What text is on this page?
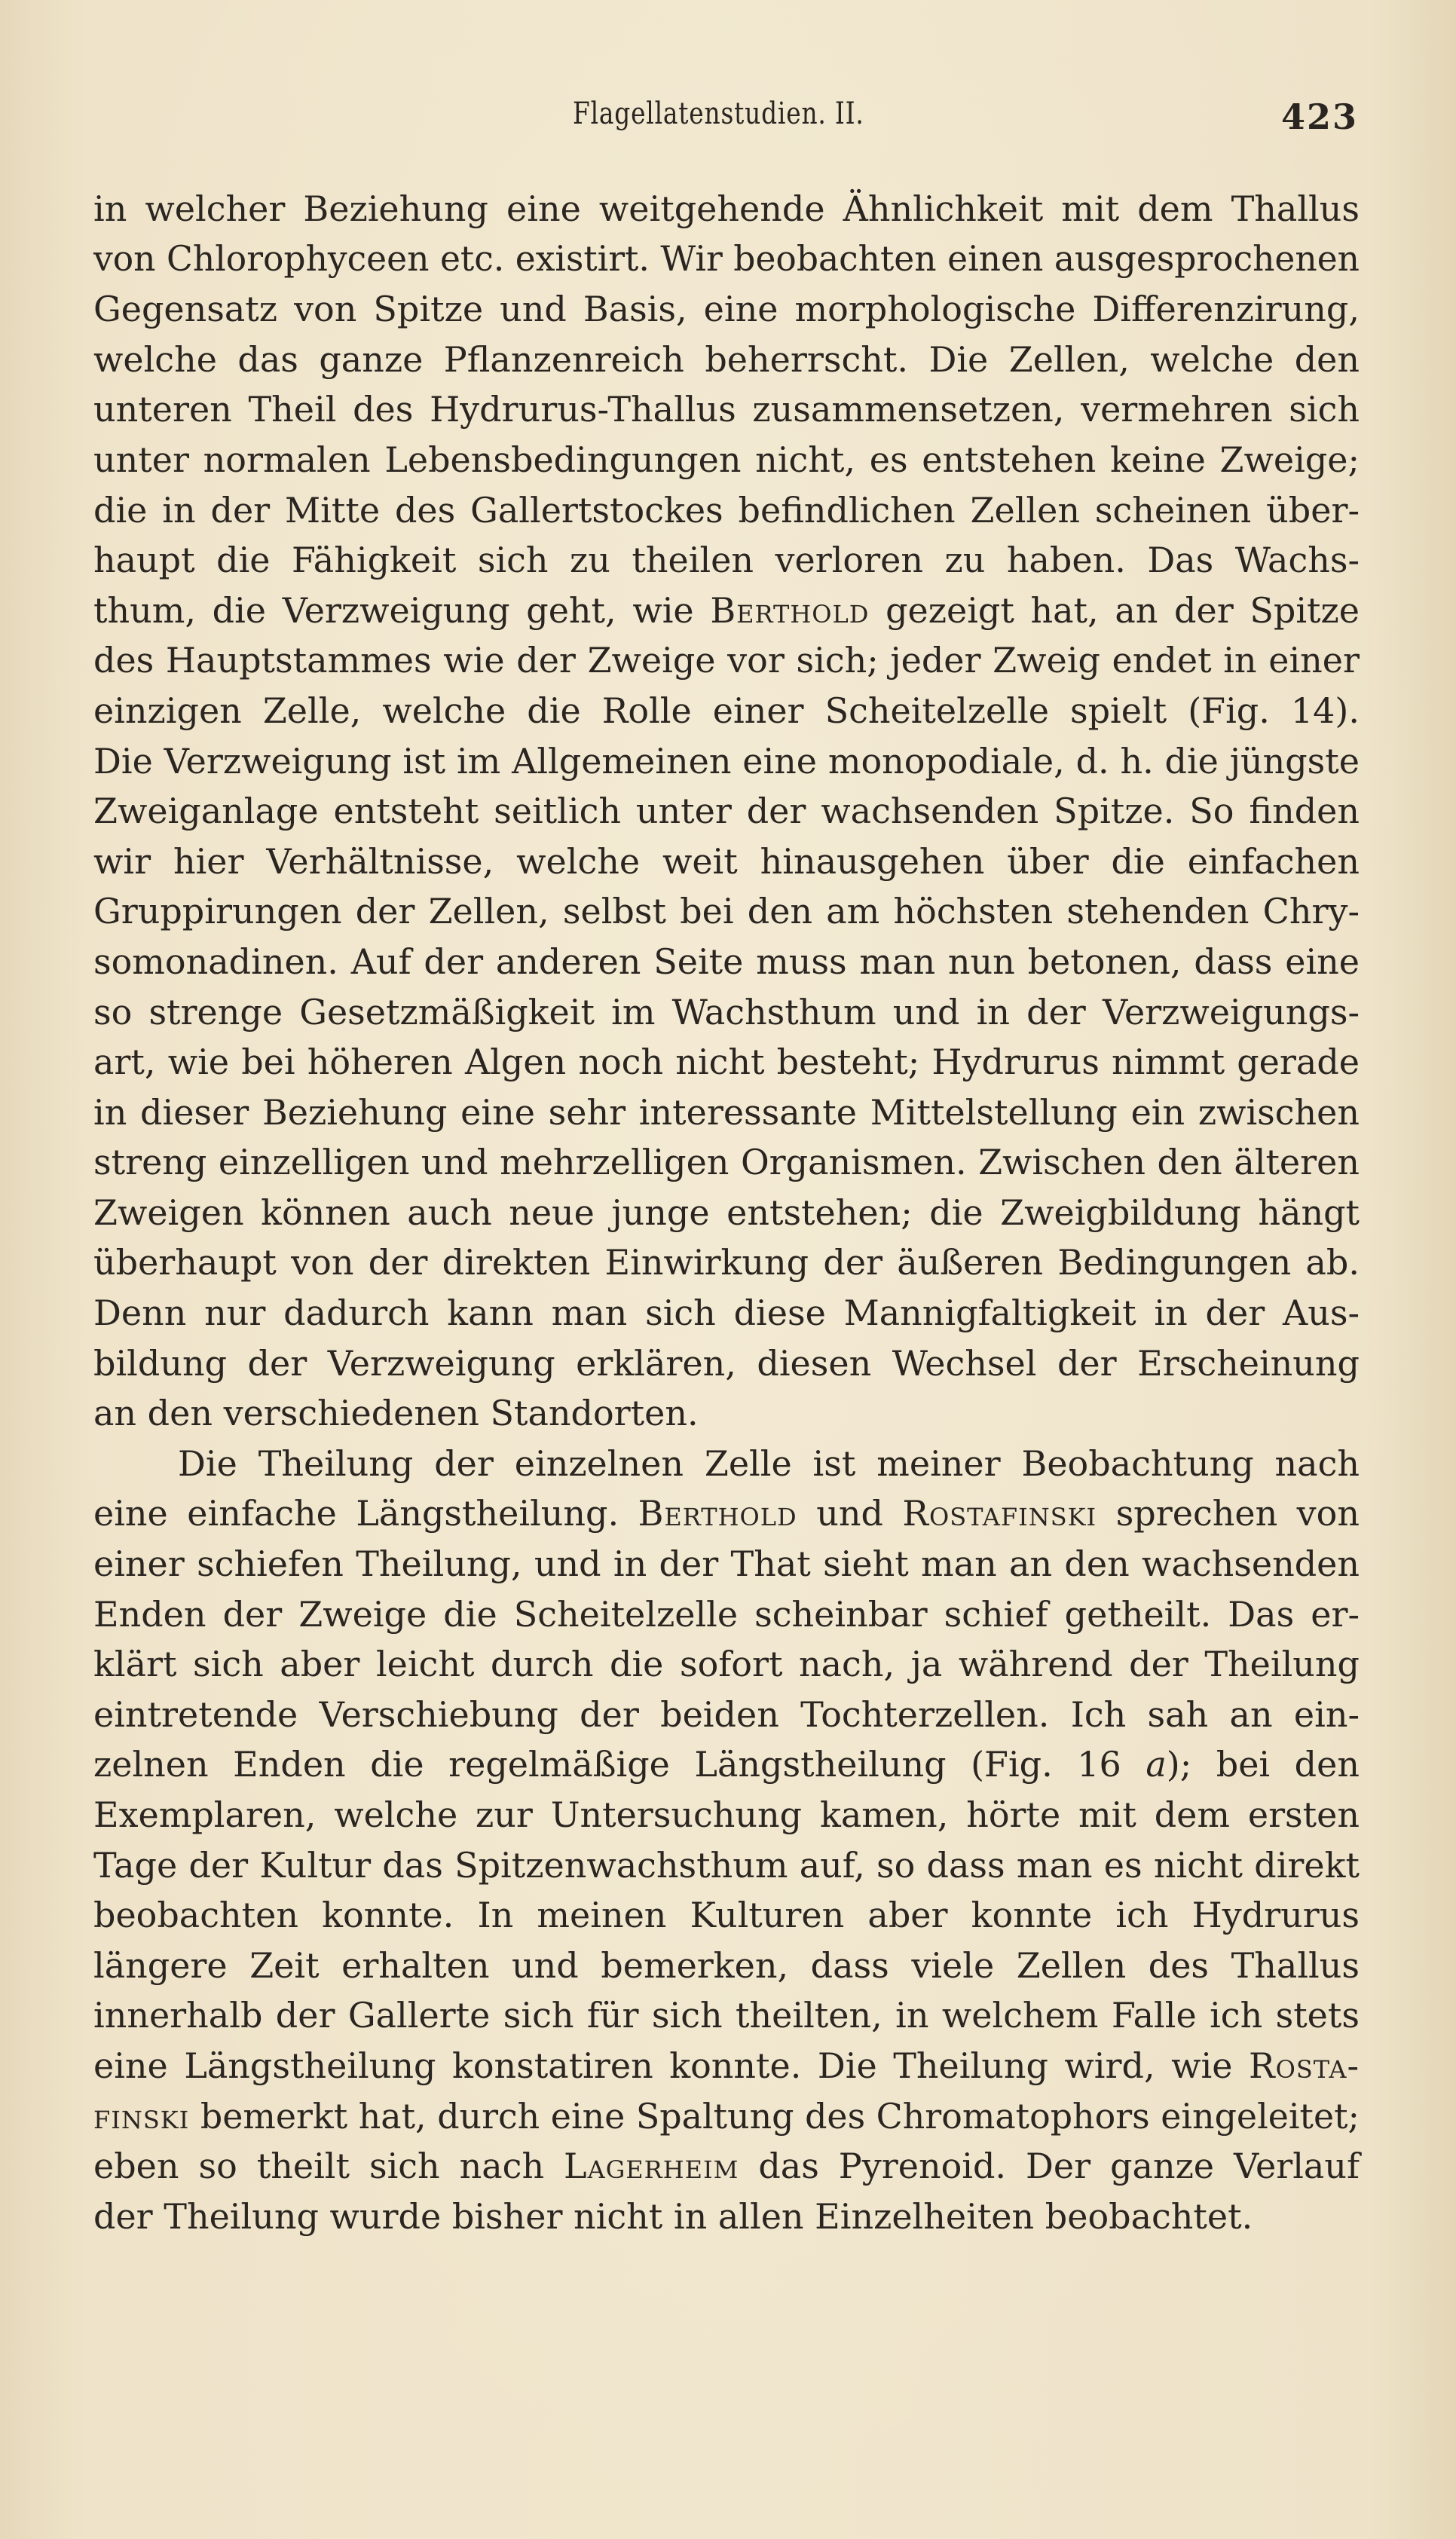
Flagellatenstudien. II.	423
in welcher Beziehung eine weitgehende Ähnlichkeit mit dem Thallus
von Chlorophyceen etc. existirt. Wir beobachten einen ausgesprochenen
Gegensatz von Spitze und Basis, eine morphologische Differenzirung,
welche das ganze Pflanzenreich beherrscht. Die Zellen, welche den
unteren Theil des Hydrurus-Thallus zusammensetzen, vermehren sich
unter normalen Lebensbedingungen nicht, es entstehen keine Zweige;
die in der Mitte des Gallertstockes befindlichen Zellen scheinen über-
haupt die Fähigkeit sich zu theilen verloren zu haben. Das Wachs-
thum, die Verzweigung geht, wie Berthold gezeigt hat, an der Spitze
des Hauptstammes wie der Zweige vor sich; jeder Zweig endet in einer
einzigen Zelle, welche die Rolle einer Scheitelzelle spielt (Fig. 14).
Die Verzweigung ist im Allgemeinen eine monopodiale, d. h. die jüngste
Zweiganlage entsteht seitlich unter der wachsenden Spitze. So finden
wir hier Verhältnisse, welche weit hinausgehen über die einfachen
Gruppirungen der Zellen, selbst bei den am höchsten stehenden Chry-
somonadinen. Auf der anderen Seite muss man nun betonen, dass eine
so strenge Gesetzmäßigkeit im Wachsthum und in der Verzweigungs-
art, wie bei höheren Algen noch nicht besteht; Hydrurus nimmt gerade
in dieser Beziehung eine sehr interessante Mittelstellung ein zwischen
streng einzelligen und mehrzelligen Organismen. Zwischen den älteren
Zweigen können auch neue junge entstehen; die Zweigbildung hängt
überhaupt von der direkten Einwirkung der äußeren Bedingungen ab.
Denn nur dadurch kann man sich diese Mannigfaltigkeit in der Aus-
bildung der Verzweigung erklären, diesen Wechsel der Erscheinung
an den verschiedenen Standorten.
Die Theilung der einzelnen Zelle ist meiner Beobachtung nach
eine einfache Längstheilung. Berthold und Rostafinski sprechen von
einer schiefen Theilung, und in der That sieht man an den wachsenden
Enden der Zweige die Scheitelzelle scheinbar schief getheilt. Das er-
klärt sich aber leicht durch die sofort nach, ja während der Theilung
eintretende Verschiebung der beiden Tochterzellen. Ich sah an ein-
zelnen Enden die regelmäßige Längstheilung (Fig. 16 a); bei den
Exemplaren, welche zur Untersuchung kamen, hörte mit dem ersten
Tage der Kultur das Spitzenwachsthum auf, so dass man es nicht direkt
beobachten konnte. In meinen Kulturen aber konnte ich Hydrurus
längere Zeit erhalten und bemerken, dass viele Zellen des Thallus
innerhalb der Gallerte sich für sich theilten, in welchem Falle ich stets
eine Längstheilung konstatiren konnte. Die Theilung wird, wie Rosta-
finski bemerkt hat, durch eine Spaltung des Chromatophors eingeleitet;
eben so theilt sich nach Lagerheim das Pyrenoid. Der ganze Verlauf
der Theilung wurde bisher nicht in allen Einzelheiten beobachtet.
